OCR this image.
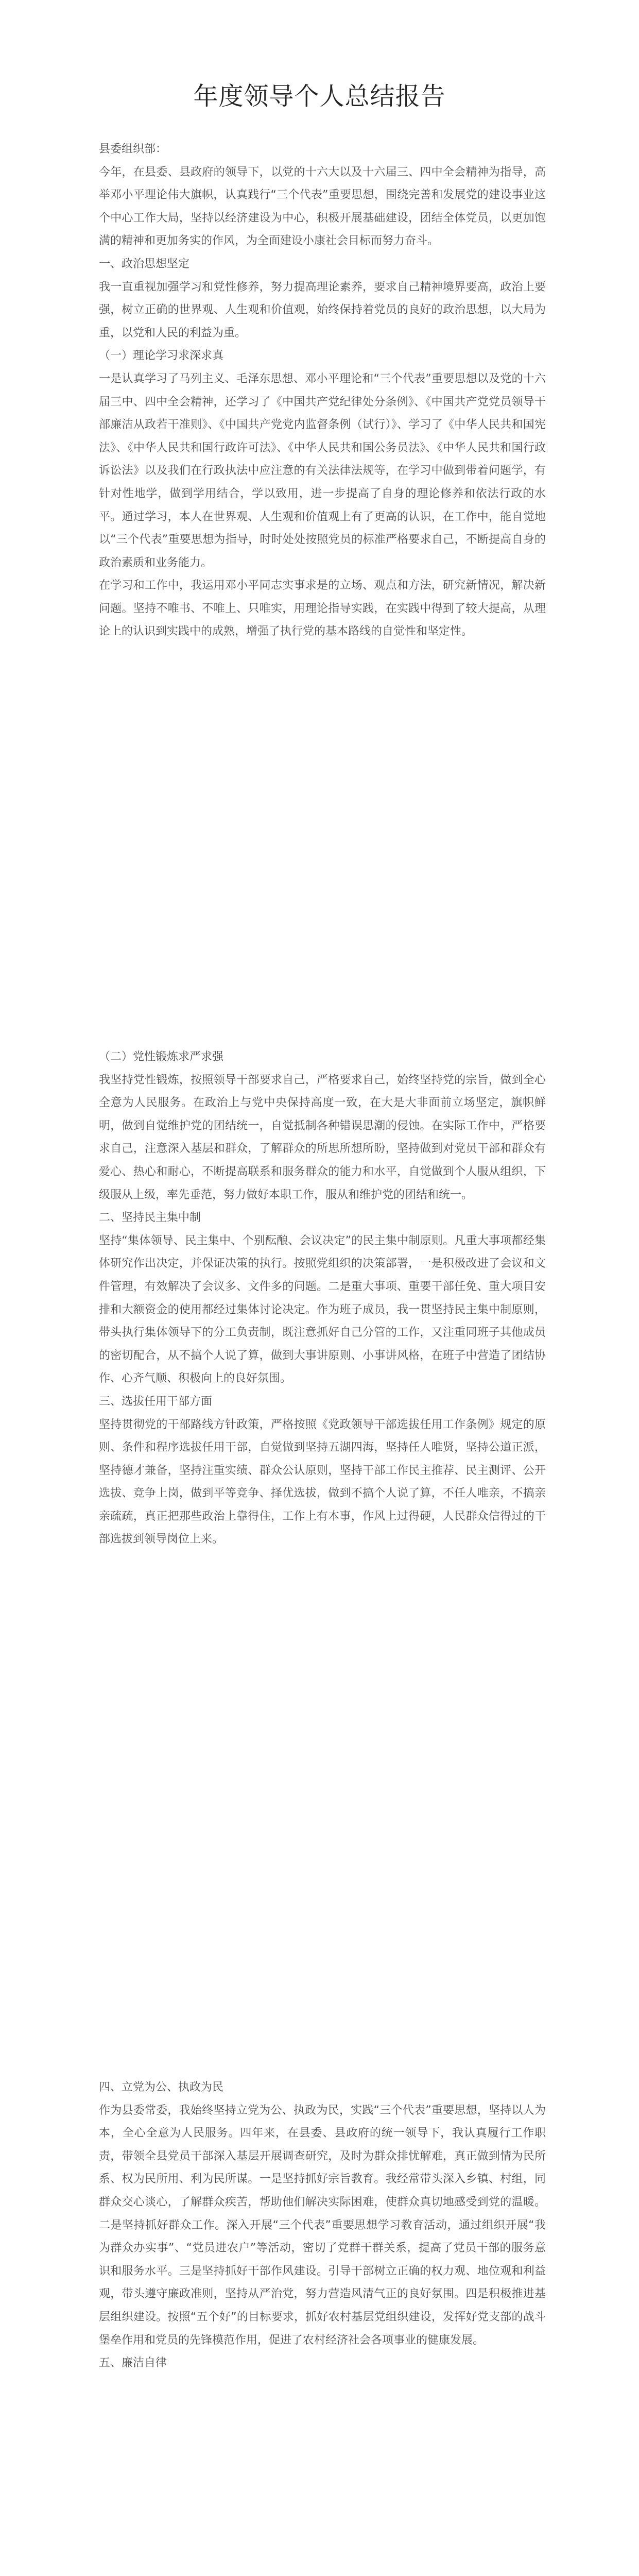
年度领导个人总结报告

县委组织部：

今年，在县委、县政府的领导下，以党的十六大以及十六届三、四中全会精神为指导，高举邓小平理论伟大旗帜，认真践行“三个代表”重要思想，围绕完善和发展党的建设事业这个中心工作大局，坚持以经济建设为中心，积极开展基础建设，团结全体党员，以更加饱满的精神和更加务实的作风，为全面建设小康社会目标而努力奋斗。

一、政治思想坚定

我一直重视加强学习和党性修养，努力提高理论素养，要求自己精神境界要高，政治上要强，树立正确的世界观、人生观和价值观，始终保持着党员的良好的政治思想，以大局为重，以党和人民的利益为重。

（一）理论学习求深求真

一是认真学习了马列主义、毛泽东思想、邓小平理论和“三个代表”重要思想以及党的十六届三中、四中全会精神，还学习了《中国共产党纪律处分条例》、《中国共产党党员领导干部廉洁从政若干准则》、《中国共产党党内监督条例（试行）》、学习了《中华人民共和国宪法》、《中华人民共和国行政许可法》、《中华人民共和国公务员法》、《中华人民共和国行政诉讼法》以及我们在行政执法中应注意的有关法律法规等，在学习中做到带着问题学，有针对性地学，做到学用结合，学以致用，进一步提高了自身的理论修养和依法行政的水平。通过学习，本人在世界观、人生观和价值观上有了更高的认识，在工作中，能自觉地以“三个代表”重要思想为指导，时时处处按照党员的标准严格要求自己，不断提高自身的政治素质和业务能力。

在学习和工作中，我运用邓小平同志实事求是的立场、观点和方法，研究新情况，解决新问题。坚持不唯书、不唯上、只唯实，用理论指导实践，在实践中得到了较大提高，从理论上的认识到实践中的成熟，增强了执行党的基本路线的自觉性和坚定性。

（二）党性锻炼求严求强

我坚持党性锻炼，按照领导干部要求自己，严格要求自己，始终坚持党的宗旨，做到全心全意为人民服务。在政治上与党中央保持高度一致，在大是大非面前立场坚定，旗帜鲜明，做到自觉维护党的团结统一，自觉抵制各种错误思潮的侵蚀。在实际工作中，严格要求自己，注意深入基层和群众，了解群众的所思所想所盼，坚持做到对党员干部和群众有爱心、热心和耐心，不断提高联系和服务群众的能力和水平，自觉做到个人服从组织，下级服从上级，率先垂范，努力做好本职工作，服从和维护党的团结和统一。

二、坚持民主集中制

坚持“集体领导、民主集中、个别酝酿、会议决定”的民主集中制原则。凡重大事项都经集体研究作出决定，并保证决策的执行。按照党组织的决策部署，一是积极改进了会议和文件管理，有效解决了会议多、文件多的问题。二是重大事项、重要干部任免、重大项目安排和大额资金的使用都经过集体讨论决定。作为班子成员，我一贯坚持民主集中制原则，带头执行集体领导下的分工负责制，既注意抓好自己分管的工作，又注重同班子其他成员的密切配合，从不搞个人说了算，做到大事讲原则、小事讲风格，在班子中营造了团结协作、心齐气顺、积极向上的良好氛围。

三、选拔任用干部方面

坚持贯彻党的干部路线方针政策，严格按照《党政领导干部选拔任用工作条例》规定的原则、条件和程序选拔任用干部，自觉做到坚持五湖四海，坚持任人唯贤，坚持公道正派，坚持德才兼备，坚持注重实绩、群众公认原则，坚持干部工作民主推荐、民主测评、公开选拔、竞争上岗，做到平等竞争、择优选拔，做到不搞个人说了算，不任人唯亲，不搞亲亲疏疏，真正把那些政治上靠得住，工作上有本事，作风上过得硬，人民群众信得过的干部选拔到领导岗位上来。

四、立党为公、执政为民

作为县委常委，我始终坚持立党为公、执政为民，实践“三个代表”重要思想，坚持以人为本，全心全意为人民服务。四年来，在县委、县政府的统一领导下，我认真履行工作职责，带领全县党员干部深入基层开展调查研究，及时为群众排忧解难，真正做到情为民所系、权为民所用、利为民所谋。一是坚持抓好宗旨教育。我经常带头深入乡镇、村组，同群众交心谈心，了解群众疾苦，帮助他们解决实际困难，使群众真切地感受到党的温暖。二是坚持抓好群众工作。深入开展“三个代表”重要思想学习教育活动，通过组织开展“我为群众办实事”、“党员进农户”等活动，密切了党群干群关系，提高了党员干部的服务意识和服务水平。三是坚持抓好干部作风建设。引导干部树立正确的权力观、地位观和利益观，带头遵守廉政准则，坚持从严治党，努力营造风清气正的良好氛围。四是积极推进基层组织建设。按照“五个好”的目标要求，抓好农村基层党组织建设，发挥好党支部的战斗堡垒作用和党员的先锋模范作用，促进了农村经济社会各项事业的健康发展。

五、廉洁自律
